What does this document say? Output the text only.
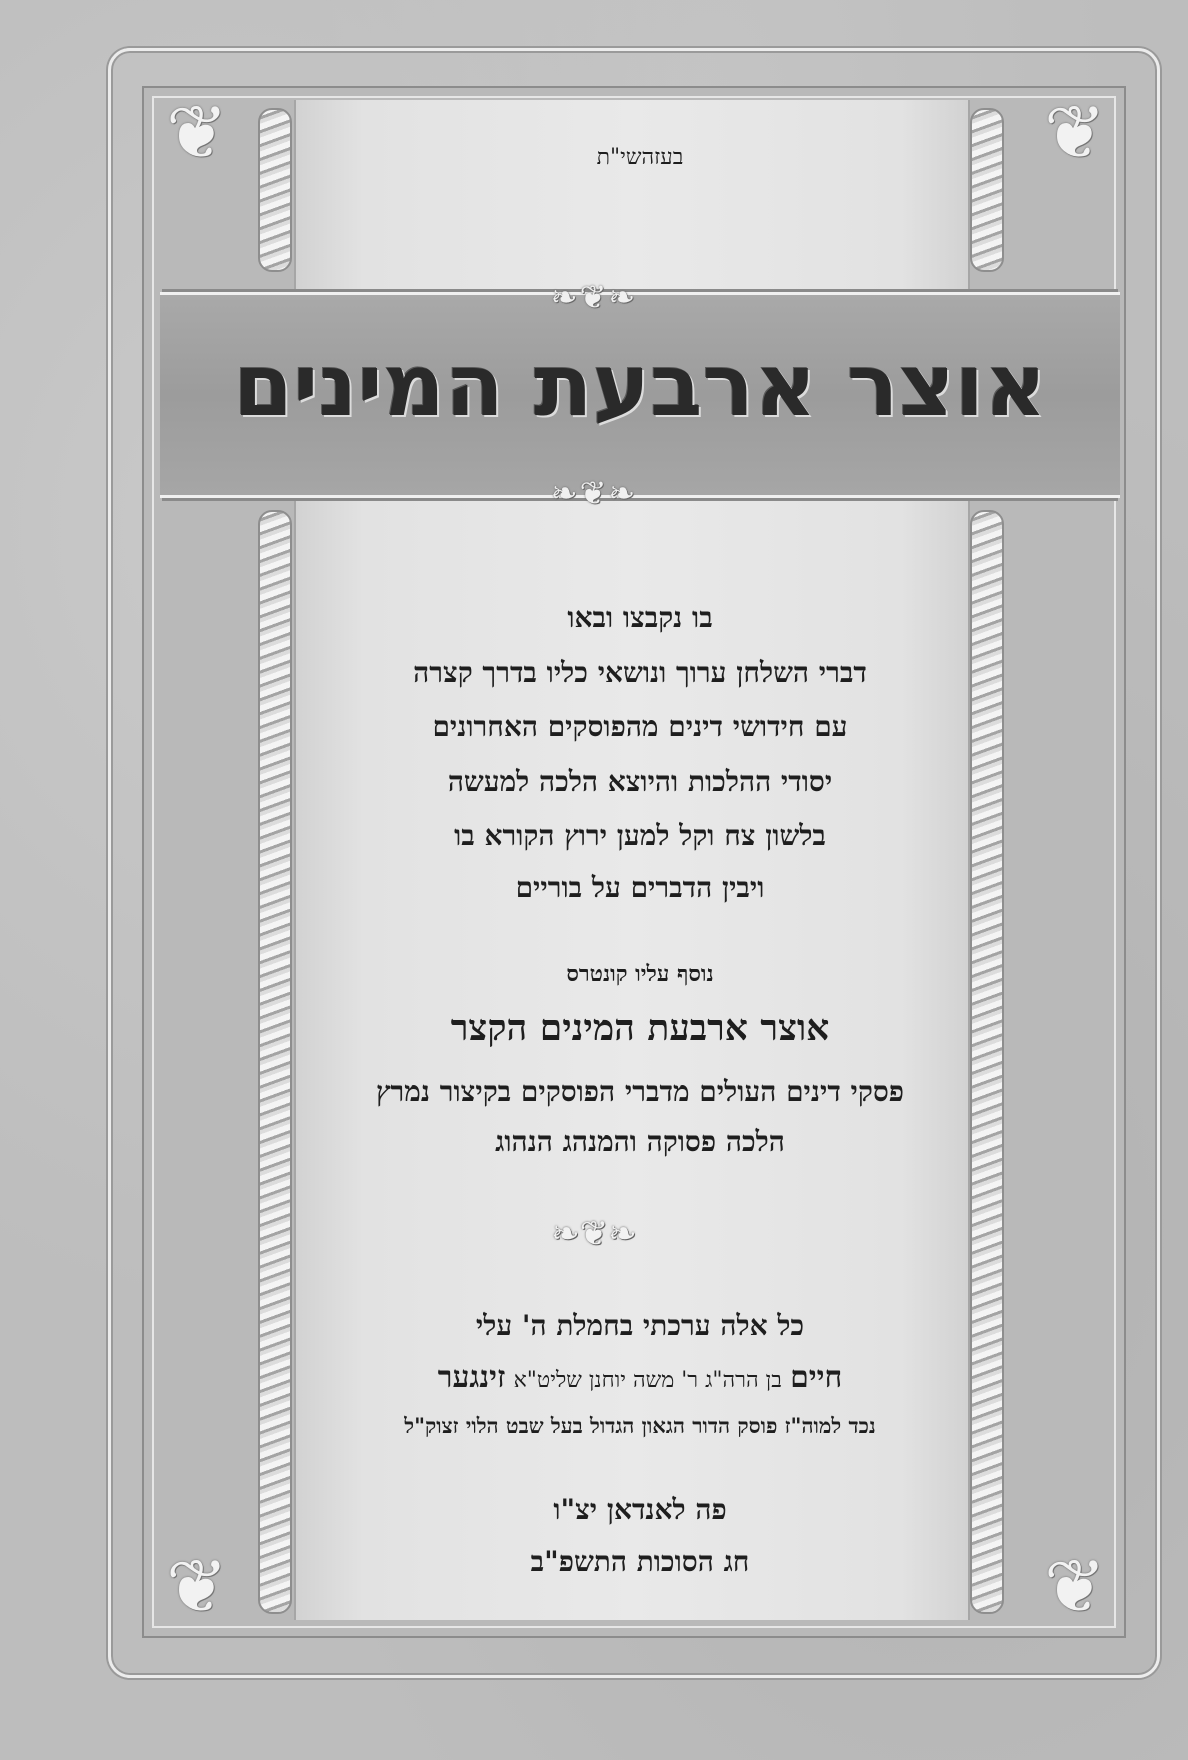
❦	❦
❦	❦
בעזהשי"ת
❧❦❧
אוצר ארבעת המינים
❧❦❧
בו נקבצו ובאו
דברי השלחן ערוך ונושאי כליו בדרך קצרה
עם חידושי דינים מהפוסקים האחרונים
יסודי ההלכות והיוצא הלכה למעשה
בלשון צח וקל למען ירוץ הקורא בו
ויבין הדברים על בוריים
נוסף עליו קונטרס
אוצר ארבעת המינים הקצר
פסקי דינים העולים מדברי הפוסקים בקיצור נמרץ
הלכה פסוקה והמנהג הנהוג
❧❦❧
כל אלה ערכתי בחמלת ה' עלי
חיים בן הרה"ג ר' משה יוחנן שליט"א זינגער
נכד למוה"ז פוסק הדור הגאון הגדול בעל שבט הלוי זצוק"ל
פה לאנדאן יצ"ו
חג הסוכות התשפ"ב
